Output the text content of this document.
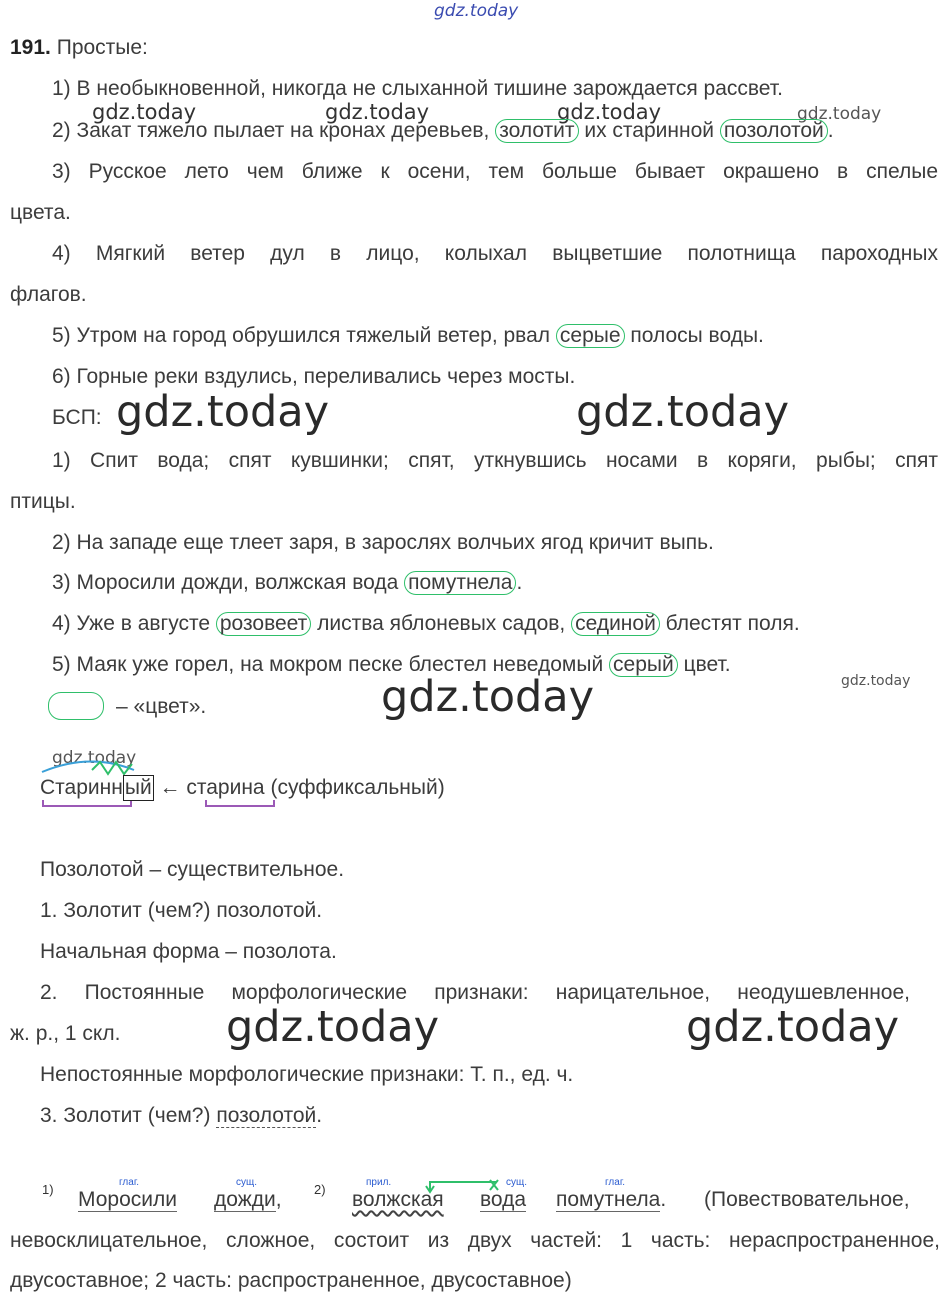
gdz.today
191. Простые:
1) В необыкновенной, никогда не слыханной тишине зарождается рассвет.
gdz.today	gdz.today	gdz.today	gdz.today
2) Закат тяжело пылает на кронах деревьев, золотит их старинной позолотой .
3) Русское лето чем ближе к осени, тем больше бывает окрашено в спелые
цвета.
4) Мягкий ветер дул в лицо, колыхал выцветшие полотнища пароходных
флагов.
5) Утром на город обрушился тяжелый ветер, рвал серые полосы воды.
6) Горные реки вздулись, переливались через мосты.
БСП: gdz.today	gdz.today
1) Спит вода; спят кувшинки; спят, уткнувшись носами в коряги, рыбы; спят
птицы.
2) На западе еще тлеет заря, в зарослях волчьих ягод кричит выпь.
3) Моросили дожди, волжская вода помутнела .
4) Уже в августе розовеет листва яблоневых садов, сединой блестят поля.
5) Маяк уже горел, на мокром песке блестел неведомый серый цвет.
gdz.today
– «цвет».	gdz.today
gdz.today
Старинный ← старина (суффиксальный)
Позолотой – существительное.
1. Золотит (чем?) позолотой.
Начальная форма – позолота.
2. Постоянные морфологические признаки: нарицательное, неодушевленное,
ж. р., 1 скл. gdz.today	gdz.today
Непостоянные морфологические признаки: Т. п., ед. ч.
3. Золотит (чем?) позолотой.
глаг.	сущ.	прил.	сущ.	глаг.
1) Моросили дожди, 2) волжская вода помутнела. (Повествовательное,
невосклицательное, сложное, состоит из двух частей: 1 часть: нераспространенное,
двусоставное; 2 часть: распространенное, двусоставное)
